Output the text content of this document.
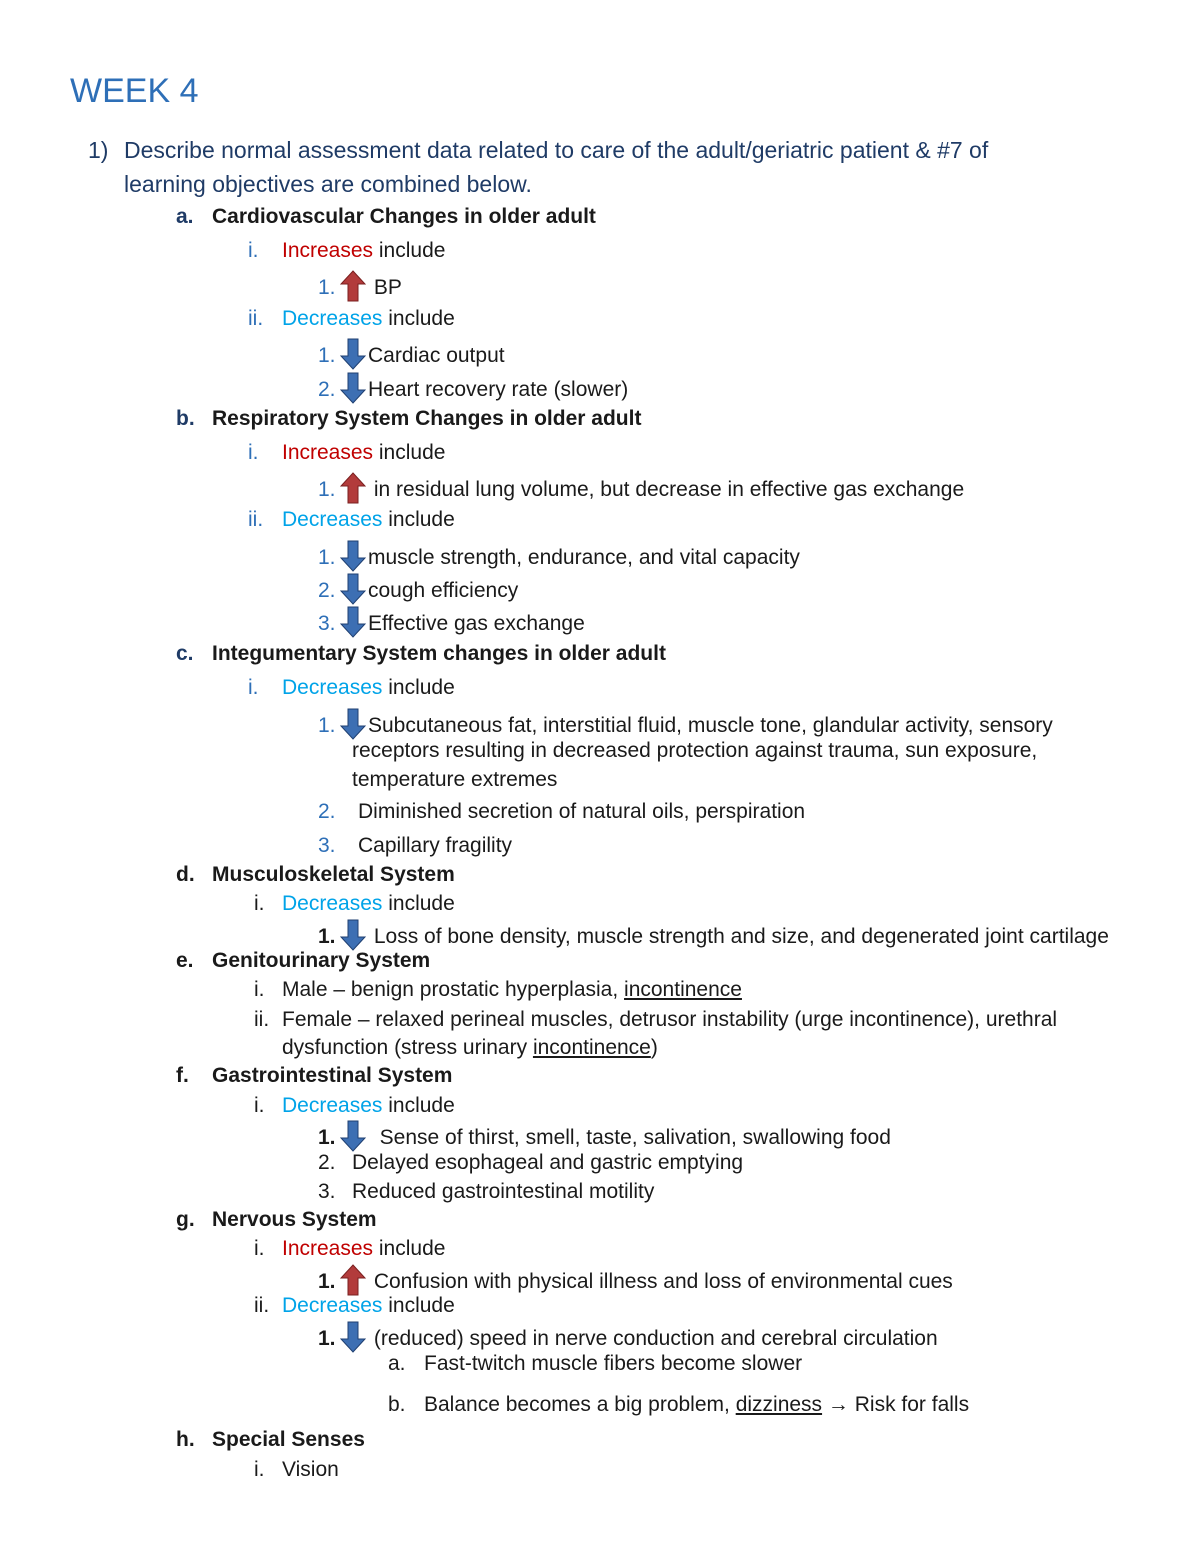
WEEK 4
1) Describe normal assessment data related to care of the adult/geriatric patient & #7 of
learning objectives are combined below.
a. Cardiovascular Changes in older adult
i. Increases include
1.
BP
ii. Decreases include
1. Cardiac output
2. Heart recovery rate (slower)
b. Respiratory System Changes in older adult
i. Increases include
1.
in residual lung volume, but decrease in effective gas exchange
ii. Decreases include
1. muscle strength, endurance, and vital capacity
2. cough efficiency
3. Effective gas exchange
c. Integumentary System changes in older adult
i. Decreases include
1. Subcutaneous fat, interstitial fluid, muscle tone, glandular activity, sensory
receptors resulting in decreased protection against trauma, sun exposure,
temperature extremes
2. Diminished secretion of natural oils, perspiration
3. Capillary fragility
d. Musculoskeletal System
i. Decreases include
1.
Loss of bone density, muscle strength and size, and degenerated joint cartilage
e. Genitourinary System
i. Male – benign prostatic hyperplasia, incontinence
ii. Female – relaxed perineal muscles, detrusor instability (urge incontinence), urethral
dysfunction (stress urinary incontinence)
f. Gastrointestinal System
i. Decreases include
1.
Sense of thirst, smell, taste, salivation, swallowing food
2. Delayed esophageal and gastric emptying
3. Reduced gastrointestinal motility
g. Nervous System
i. Increases include
1.
Confusion with physical illness and loss of environmental cues
ii. Decreases include
1.
(reduced) speed in nerve conduction and cerebral circulation
a. Fast-twitch muscle fibers become slower
b. Balance becomes a big problem, dizziness → Risk for falls
h. Special Senses
i. Vision
